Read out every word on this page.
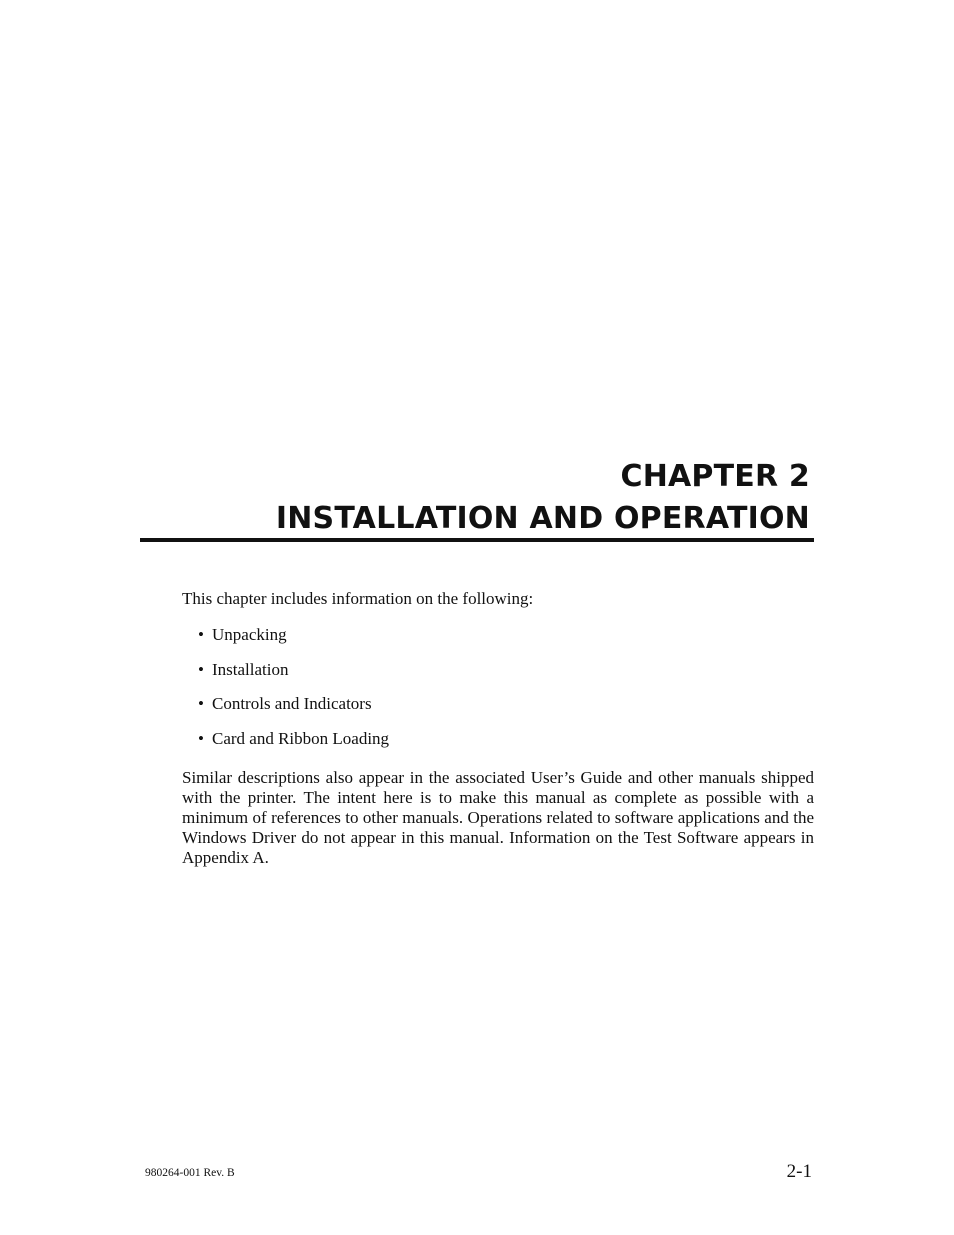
CHAPTER 2
INSTALLATION AND OPERATION

This chapter includes information on the following:

• Unpacking
• Installation
• Controls and Indicators
• Card and Ribbon Loading

Similar descriptions also appear in the associated User’s Guide and other manuals shipped with the printer. The intent here is to make this manual as complete as possible with a minimum of references to other manuals. Operations related to software applications and the Windows Driver do not appear in this manual. Information on the Test Software appears in Appendix A.

980264-001 Rev. B	2-1
